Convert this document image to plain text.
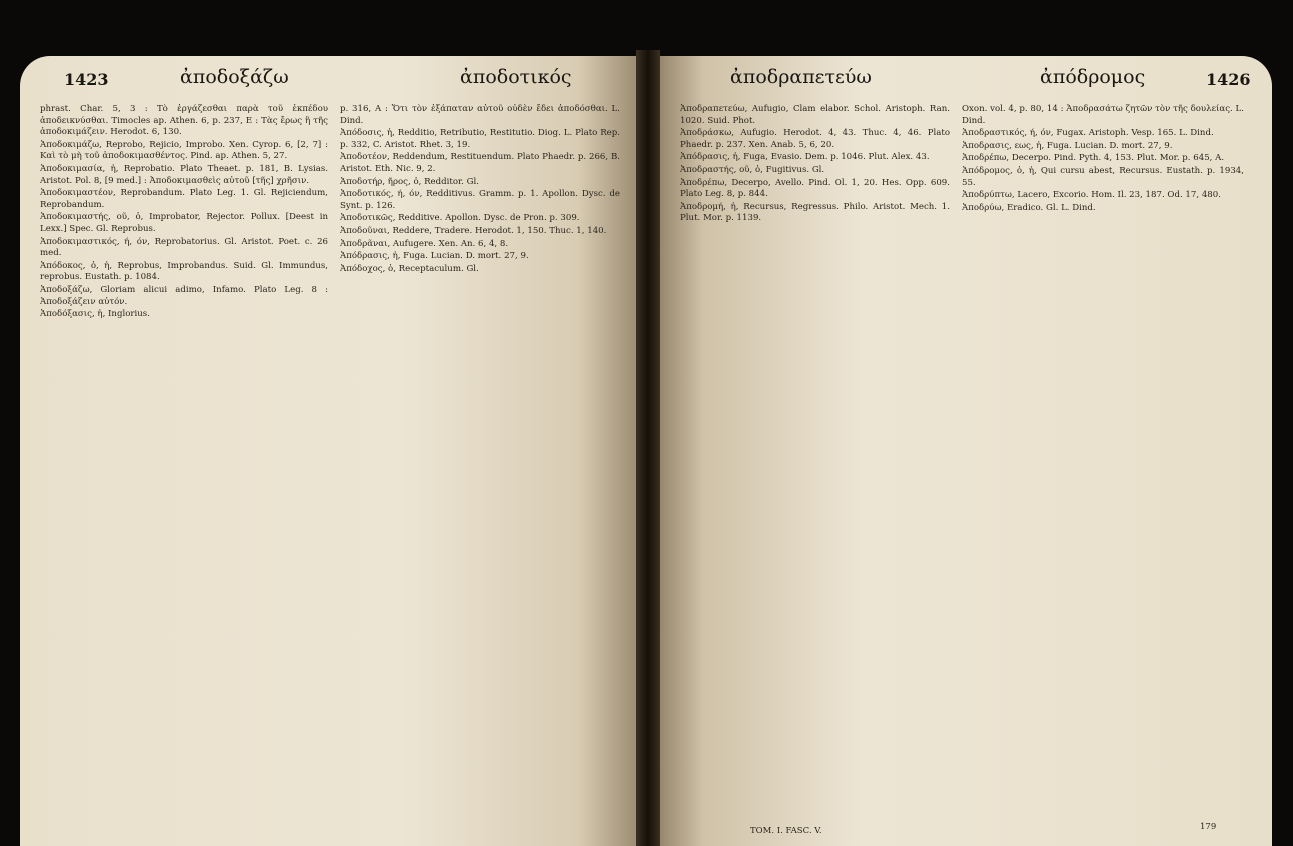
1423	ἀποδοξάζω	ἀποδοτικός

phrast. Char. 5, 3 : Τὸ ἐργάζεσθαι παρὰ τοῦ ἐκπέδου ἀποδεικνύσθαι. Timocles ap. Athen. 6, p. 237, E : Τὰς ἔρως ἢ τῆς ἀποδοκιμάζειν. Herodot. 6, 130.

Ἀποδοκιμάζω, Reprobo, Rejicio, Improbo. Xen. Cyrop. 6, [2, 7] : Καὶ τὸ μὴ τοῦ ἀποδοκιμασθέντος. Pind. ap. Athen. 5, 27.

Ἀποδοκιμασία, ἡ, Reprobatio. Plato Theaet. p. 181, B. Lysias. Aristot. Pol. 8, [9 med.] : Ἀποδοκιμασθεὶς αὐτοῦ [τῆς] χρῆσιν.

Ἀποδοκιμαστέον, Reprobandum. Plato Leg. 1. Gl. Rejiciendum, Reprobandum.

Ἀποδοκιμαστής, οῦ, ὁ, Improbator, Rejector. Pollux. [Deest in Lexx.] Spec. Gl. Reprobus.

Ἀποδοκιμαστικός, ή, όν, Reprobatorius. Gl. Aristot. Poet. c. 26 med.

Ἀπόδοκος, ὁ, ἡ, Reprobus, Improbandus. Suid. Gl. Immundus, reprobus. Eustath. p. 1084.

Ἀποδοξάζω, Gloriam alicui adimo, Infamo. Plato Leg. 8 : Ἀποδοξάζειν αὐτόν.

Ἀποδόξασις, ἡ, Inglorius.

p. 316, A : Ὅτι τὸν ἐξάπαταν αὐτοῦ οὐδὲν ἔδει ἀποδόσθαι. L. Dind.

Ἀπόδοσις, ἡ, Redditio, Retributio, Restitutio. Diog. L. Plato Rep. p. 332, C. Aristot. Rhet. 3, 19.

Ἀποδοτέον, Reddendum, Restituendum. Plato Phaedr. p. 266, B. Aristot. Eth. Nic. 9, 2.

Ἀποδοτήρ, ῆρος, ὁ, Redditor. Gl.

Ἀποδοτικός, ή, όν, Redditivus. Gramm. p. 1. Apollon. Dysc. de Synt. p. 126.

Ἀποδοτικῶς, Redditive. Apollon. Dysc. de Pron. p. 309.

Ἀποδοῦναι, Reddere, Tradere. Herodot. 1, 150. Thuc. 1, 140.

Ἀποδρᾶναι, Aufugere. Xen. An. 6, 4, 8.

Ἀπόδρασις, ἡ, Fuga. Lucian. D. mort. 27, 9.

Ἀπόδοχος, ὁ, Receptaculum. Gl.

ἀποδραπετεύω	ἀπόδρομος	1426

Ἀποδραπετεύω, Aufugio, Clam elabor. Schol. Aristoph. Ran. 1020. Suid. Phot.

Ἀποδράσκω, Aufugio. Herodot. 4, 43. Thuc. 4, 46. Plato Phaedr. p. 237. Xen. Anab. 5, 6, 20.

Ἀπόδρασις, ἡ, Fuga, Evasio. Dem. p. 1046. Plut. Alex. 43.

Ἀποδραστής, οῦ, ὁ, Fugitivus. Gl.

Ἀποδρέπω, Decerpo, Avello. Pind. Ol. 1, 20. Hes. Opp. 609. Plato Leg. 8, p. 844.

Ἀποδρομή, ἡ, Recursus, Regressus. Philo. Aristot. Mech. 1. Plut. Mor. p. 1139.

Oxon. vol. 4, p. 80, 14 : Ἀποδρασάτω ζητῶν τὸν τῆς δουλείας. L. Dind.

Ἀποδραστικός, ή, όν, Fugax. Aristoph. Vesp. 165. L. Dind.

Ἀποδρασις, εως, ἡ, Fuga. Lucian. D. mort. 27, 9.

Ἀποδρέπω, Decerpo. Pind. Pyth. 4, 153. Plut. Mor. p. 645, A.

Ἀπόδρομος, ὁ, ἡ, Qui cursu abest, Recursus. Eustath. p. 1934, 55.

Ἀποδρύπτω, Lacero, Excorio. Hom. Il. 23, 187. Od. 17, 480.

Ἀποδρύω, Eradico. Gl. L. Dind.

TOM. I. FASC. V.	179
